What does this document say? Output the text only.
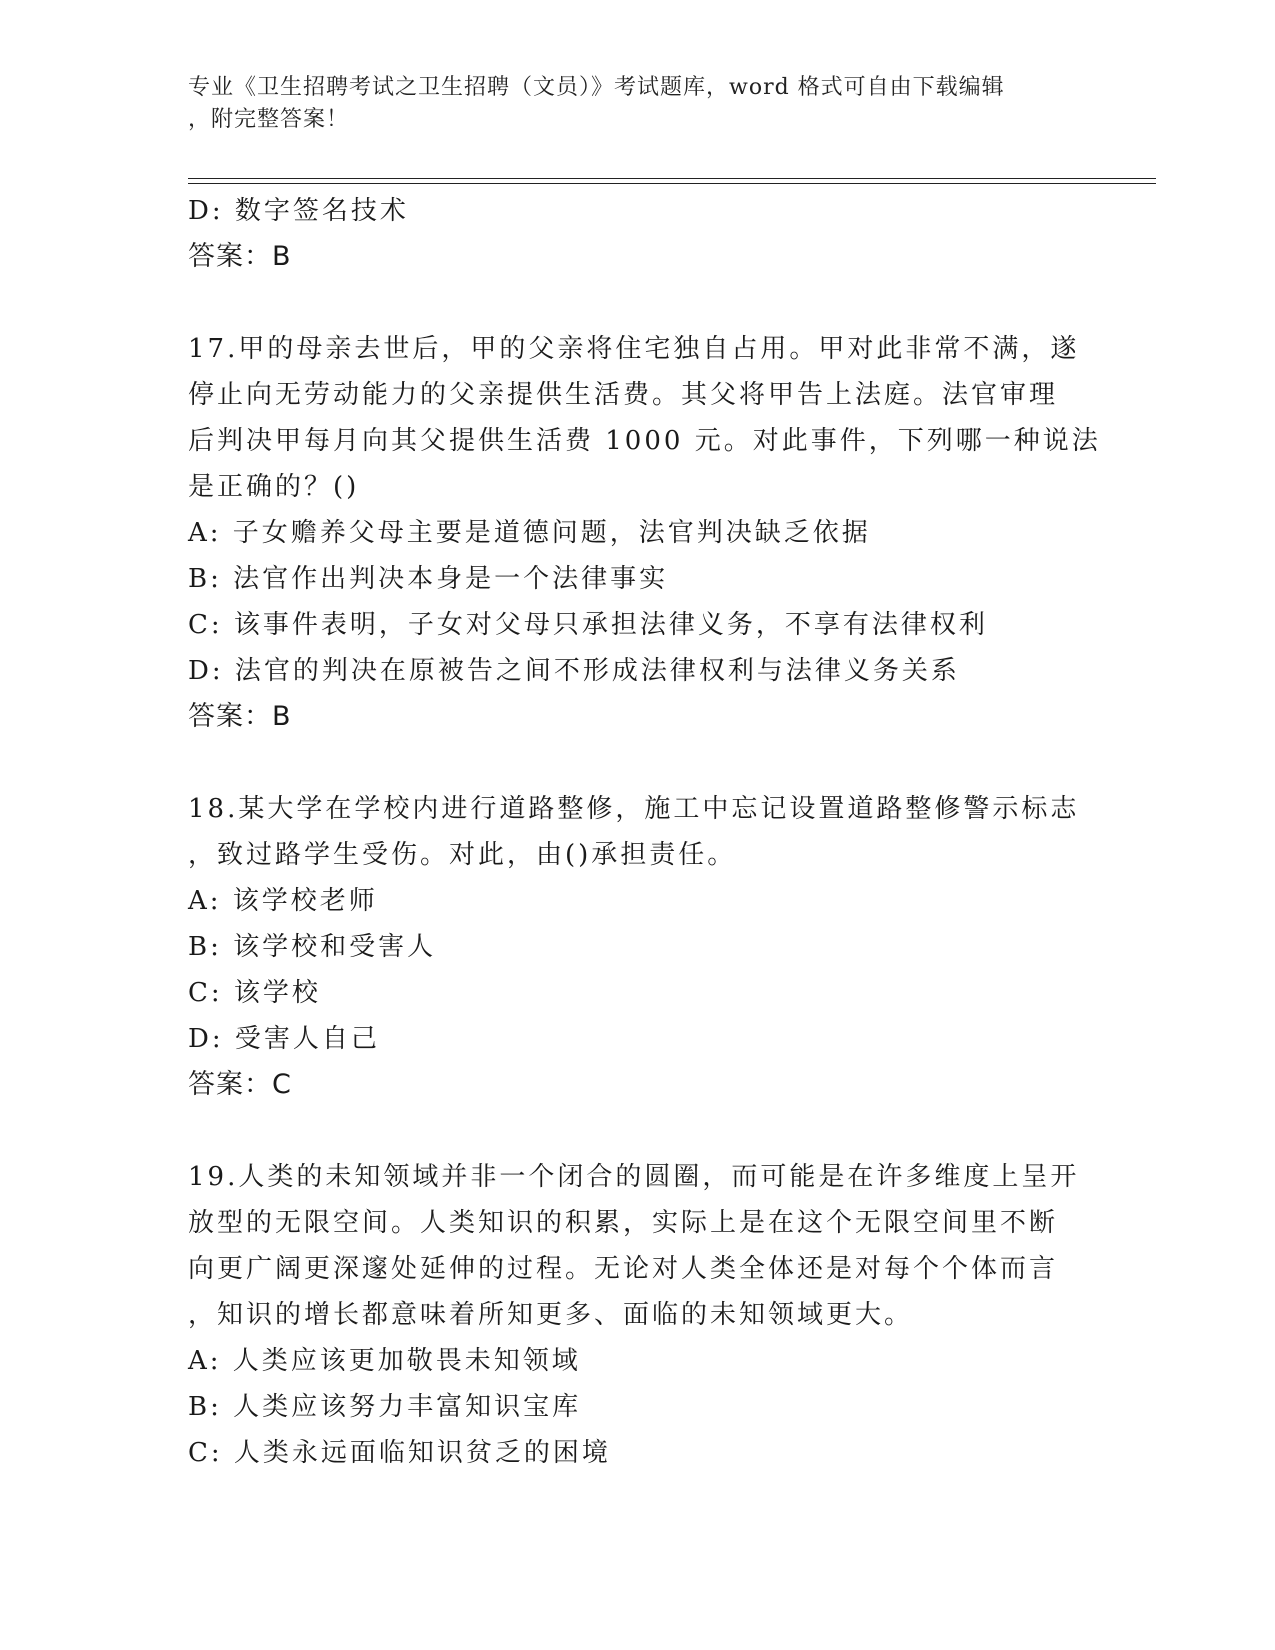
专业《卫生招聘考试之卫生招聘（文员）》考试题库，word 格式可自由下载编辑
，附完整答案！
D: 数字签名技术
答案：B
17.甲的母亲去世后，甲的父亲将住宅独自占用。甲对此非常不满，遂
停止向无劳动能力的父亲提供生活费。其父将甲告上法庭。法官审理
后判决甲每月向其父提供生活费 1000 元。对此事件，下列哪一种说法
是正确的？()
A: 子女赡养父母主要是道德问题，法官判决缺乏依据
B: 法官作出判决本身是一个法律事实
C: 该事件表明，子女对父母只承担法律义务，不享有法律权利
D: 法官的判决在原被告之间不形成法律权利与法律义务关系
答案：B
18.某大学在学校内进行道路整修，施工中忘记设置道路整修警示标志
，致过路学生受伤。对此，由()承担责任。
A: 该学校老师
B: 该学校和受害人
C: 该学校
D: 受害人自己
答案：C
19.人类的未知领域并非一个闭合的圆圈，而可能是在许多维度上呈开
放型的无限空间。人类知识的积累，实际上是在这个无限空间里不断
向更广阔更深邃处延伸的过程。无论对人类全体还是对每个个体而言
，知识的增长都意味着所知更多、面临的未知领域更大。
A: 人类应该更加敬畏未知领域
B: 人类应该努力丰富知识宝库
C: 人类永远面临知识贫乏的困境
